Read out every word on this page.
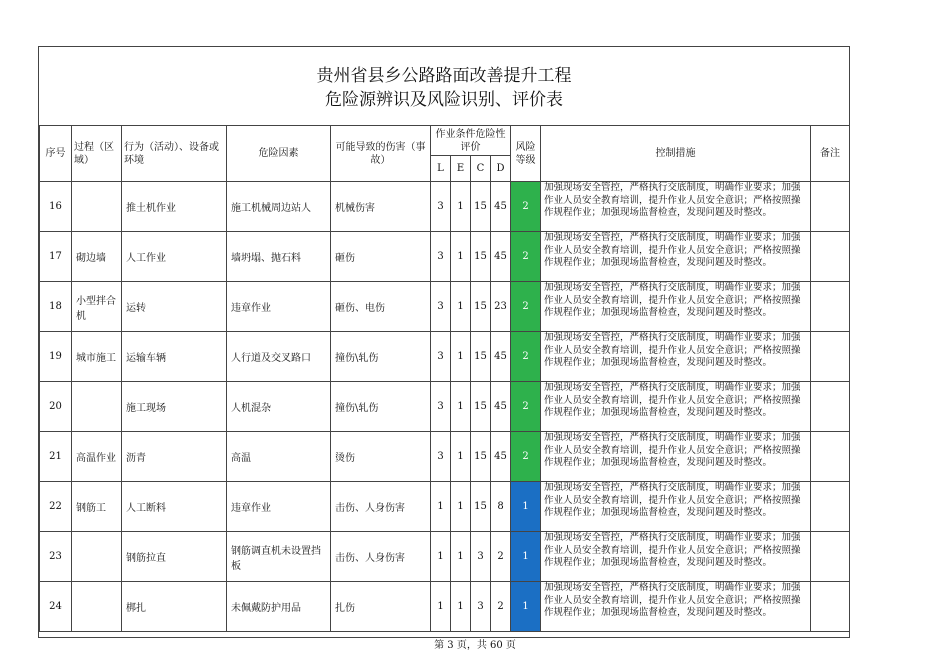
贵州省县乡公路路面改善提升工程
危险源辨识及风险识别、评价表
序号	过程（区域）	行为（活动）、设备或环境	危险因素	可能导致的伤害（事故）	作业条件危险性评价				风险等级	控制措施	备注
					L	E	C	D			
16		推土机作业	施工机械周边站人	机械伤害	3	1	15	45	2	加强现场安全管控，严格执行交底制度，明确作业要求；加强作业人员安全教育培训，提升作业人员安全意识；严格按照操作规程作业；加强现场监督检查，发现问题及时整改。	

17	砌边墙	人工作业	墙坍塌、抛石料	砸伤	3	1	15	45	2	加强现场安全管控，严格执行交底制度，明确作业要求；加强作业人员安全教育培训，提升作业人员安全意识；严格按照操作规程作业；加强现场监督检查，发现问题及时整改。	

18	小型拌合机	运转	违章作业	砸伤、电伤	3	1	15	23	2	加强现场安全管控，严格执行交底制度，明确作业要求；加强作业人员安全教育培训，提升作业人员安全意识；严格按照操作规程作业；加强现场监督检查，发现问题及时整改。	

19	城市施工	运输车辆	人行道及交叉路口	撞伤\轧伤	3	1	15	45	2	加强现场安全管控，严格执行交底制度，明确作业要求；加强作业人员安全教育培训，提升作业人员安全意识；严格按照操作规程作业；加强现场监督检查，发现问题及时整改。	

20		施工现场	人机混杂	撞伤\轧伤	3	1	15	45	2	加强现场安全管控，严格执行交底制度，明确作业要求；加强作业人员安全教育培训，提升作业人员安全意识；严格按照操作规程作业；加强现场监督检查，发现问题及时整改。	

21	高温作业	沥青	高温	烫伤	3	1	15	45	2	加强现场安全管控，严格执行交底制度，明确作业要求；加强作业人员安全教育培训，提升作业人员安全意识；严格按照操作规程作业；加强现场监督检查，发现问题及时整改。	

22	钢筋工	人工断料	违章作业	击伤、人身伤害	1	1	15	8	1	加强现场安全管控，严格执行交底制度，明确作业要求；加强作业人员安全教育培训，提升作业人员安全意识；严格按照操作规程作业；加强现场监督检查，发现问题及时整改。	

23		钢筋拉直	钢筋调直机未设置挡板	击伤、人身伤害	1	1	3	2	1	加强现场安全管控，严格执行交底制度，明确作业要求；加强作业人员安全教育培训，提升作业人员安全意识；严格按照操作规程作业；加强现场监督检查，发现问题及时整改。	

24		梆扎	未佩戴防护用品	扎伤	1	1	3	2	1	加强现场安全管控，严格执行交底制度，明确作业要求；加强作业人员安全教育培训，提升作业人员安全意识；严格按照操作规程作业；加强现场监督检查，发现问题及时整改。	

第 3 页，共 60 页
